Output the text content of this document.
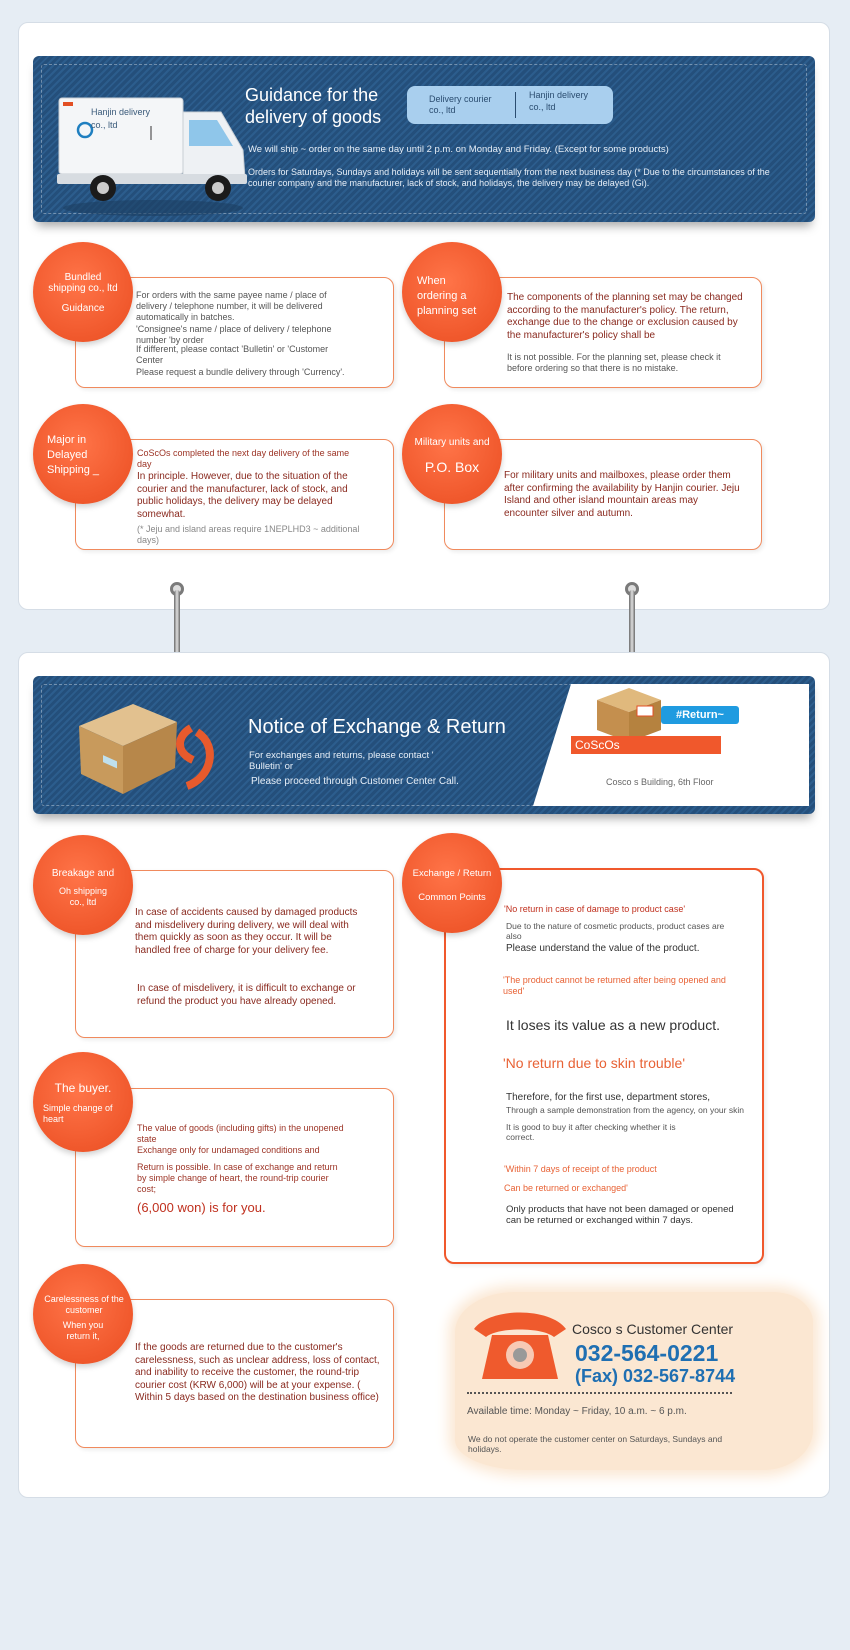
Hanjin delivery co., ltd
Guidance for the
delivery of goods
Delivery courier co., ltd
Hanjin delivery co., ltd
We will ship ~ order on the same day until 2 p.m. on Monday and Friday. (Except for some products)
Orders for Saturdays, Sundays and holidays will be sent sequentially from the next business day (* Due to the circumstances of the courier company and the manufacturer, lack of stock, and holidays, the delivery may be delayed (Gi).
For orders with the same payee name / place of delivery / telephone number, it will be delivered automatically in batches.
'Consignee's name / place of delivery / telephone number 'by order
If different, please contact 'Bulletin' or 'Customer Center
Please request a bundle delivery through 'Currency'.
Bundled
shipping co., ltd
Guidance
The components of the planning set may be changed according to the manufacturer's policy. The return, exchange due to the change or exclusion caused by the manufacturer's policy shall be
It is not possible. For the planning set, please check it before ordering so that there is no mistake.
When
ordering a
planning set
CoScOs completed the next day delivery of the same day
In principle. However, due to the situation of the courier and the manufacturer, lack of stock, and public holidays, the delivery may be delayed somewhat.
(* Jeju and island areas require 1NEPLHD3 ~ additional days)
Major in
Delayed
Shipping _	For military units and mailboxes, please order them after confirming the availability by Hanjin courier. Jeju Island and other island mountain areas may encounter silver and autumn.
Military units and
P.O. Box
Notice of Exchange & Return
For exchanges and returns, please contact '
Bulletin' or
Please proceed through Customer Center Call.
#Return~
CoScOs
Cosco s Building, 6th Floor
In case of accidents caused by damaged products and misdelivery during delivery, we will deal with them quickly as soon as they occur. It will be handled free of charge for your delivery fee.
In case of misdelivery, it is difficult to exchange or refund the product you have already opened.
Breakage and
Oh shipping co., ltd
The value of goods (including gifts) in the unopened state
Exchange only for undamaged conditions and
Return is possible. In case of exchange and return by simple change of heart, the round-trip courier cost;
(6,000 won) is for you.
The buyer.
Simple change of heart
If the goods are returned due to the customer's carelessness, such as unclear address, loss of contact, and inability to receive the customer, the round-trip courier cost (KRW 6,000) will be at your expense. ( Within 5 days based on the destination business office)
Carelessness of the customer
When you return it,
'No return in case of damage to product case'
Due to the nature of cosmetic products, product cases are also
Please understand the value of the product.
'The product cannot be returned after being opened and used'
It loses its value as a new product.
'No return due to skin trouble'
Therefore, for the first use, department stores,
Through a sample demonstration from the agency, on your skin
It is good to buy it after checking whether it is correct.
'Within 7 days of receipt of the product
Can be returned or exchanged'
Only products that have not been damaged or opened can be returned or exchanged within 7 days.
Exchange / Return
Common Points
Cosco s Customer Center
032-564-0221
(Fax) 032-567-8744
Available time: Monday ~ Friday, 10 a.m. ~ 6 p.m.
We do not operate the customer center on Saturdays, Sundays and holidays.
